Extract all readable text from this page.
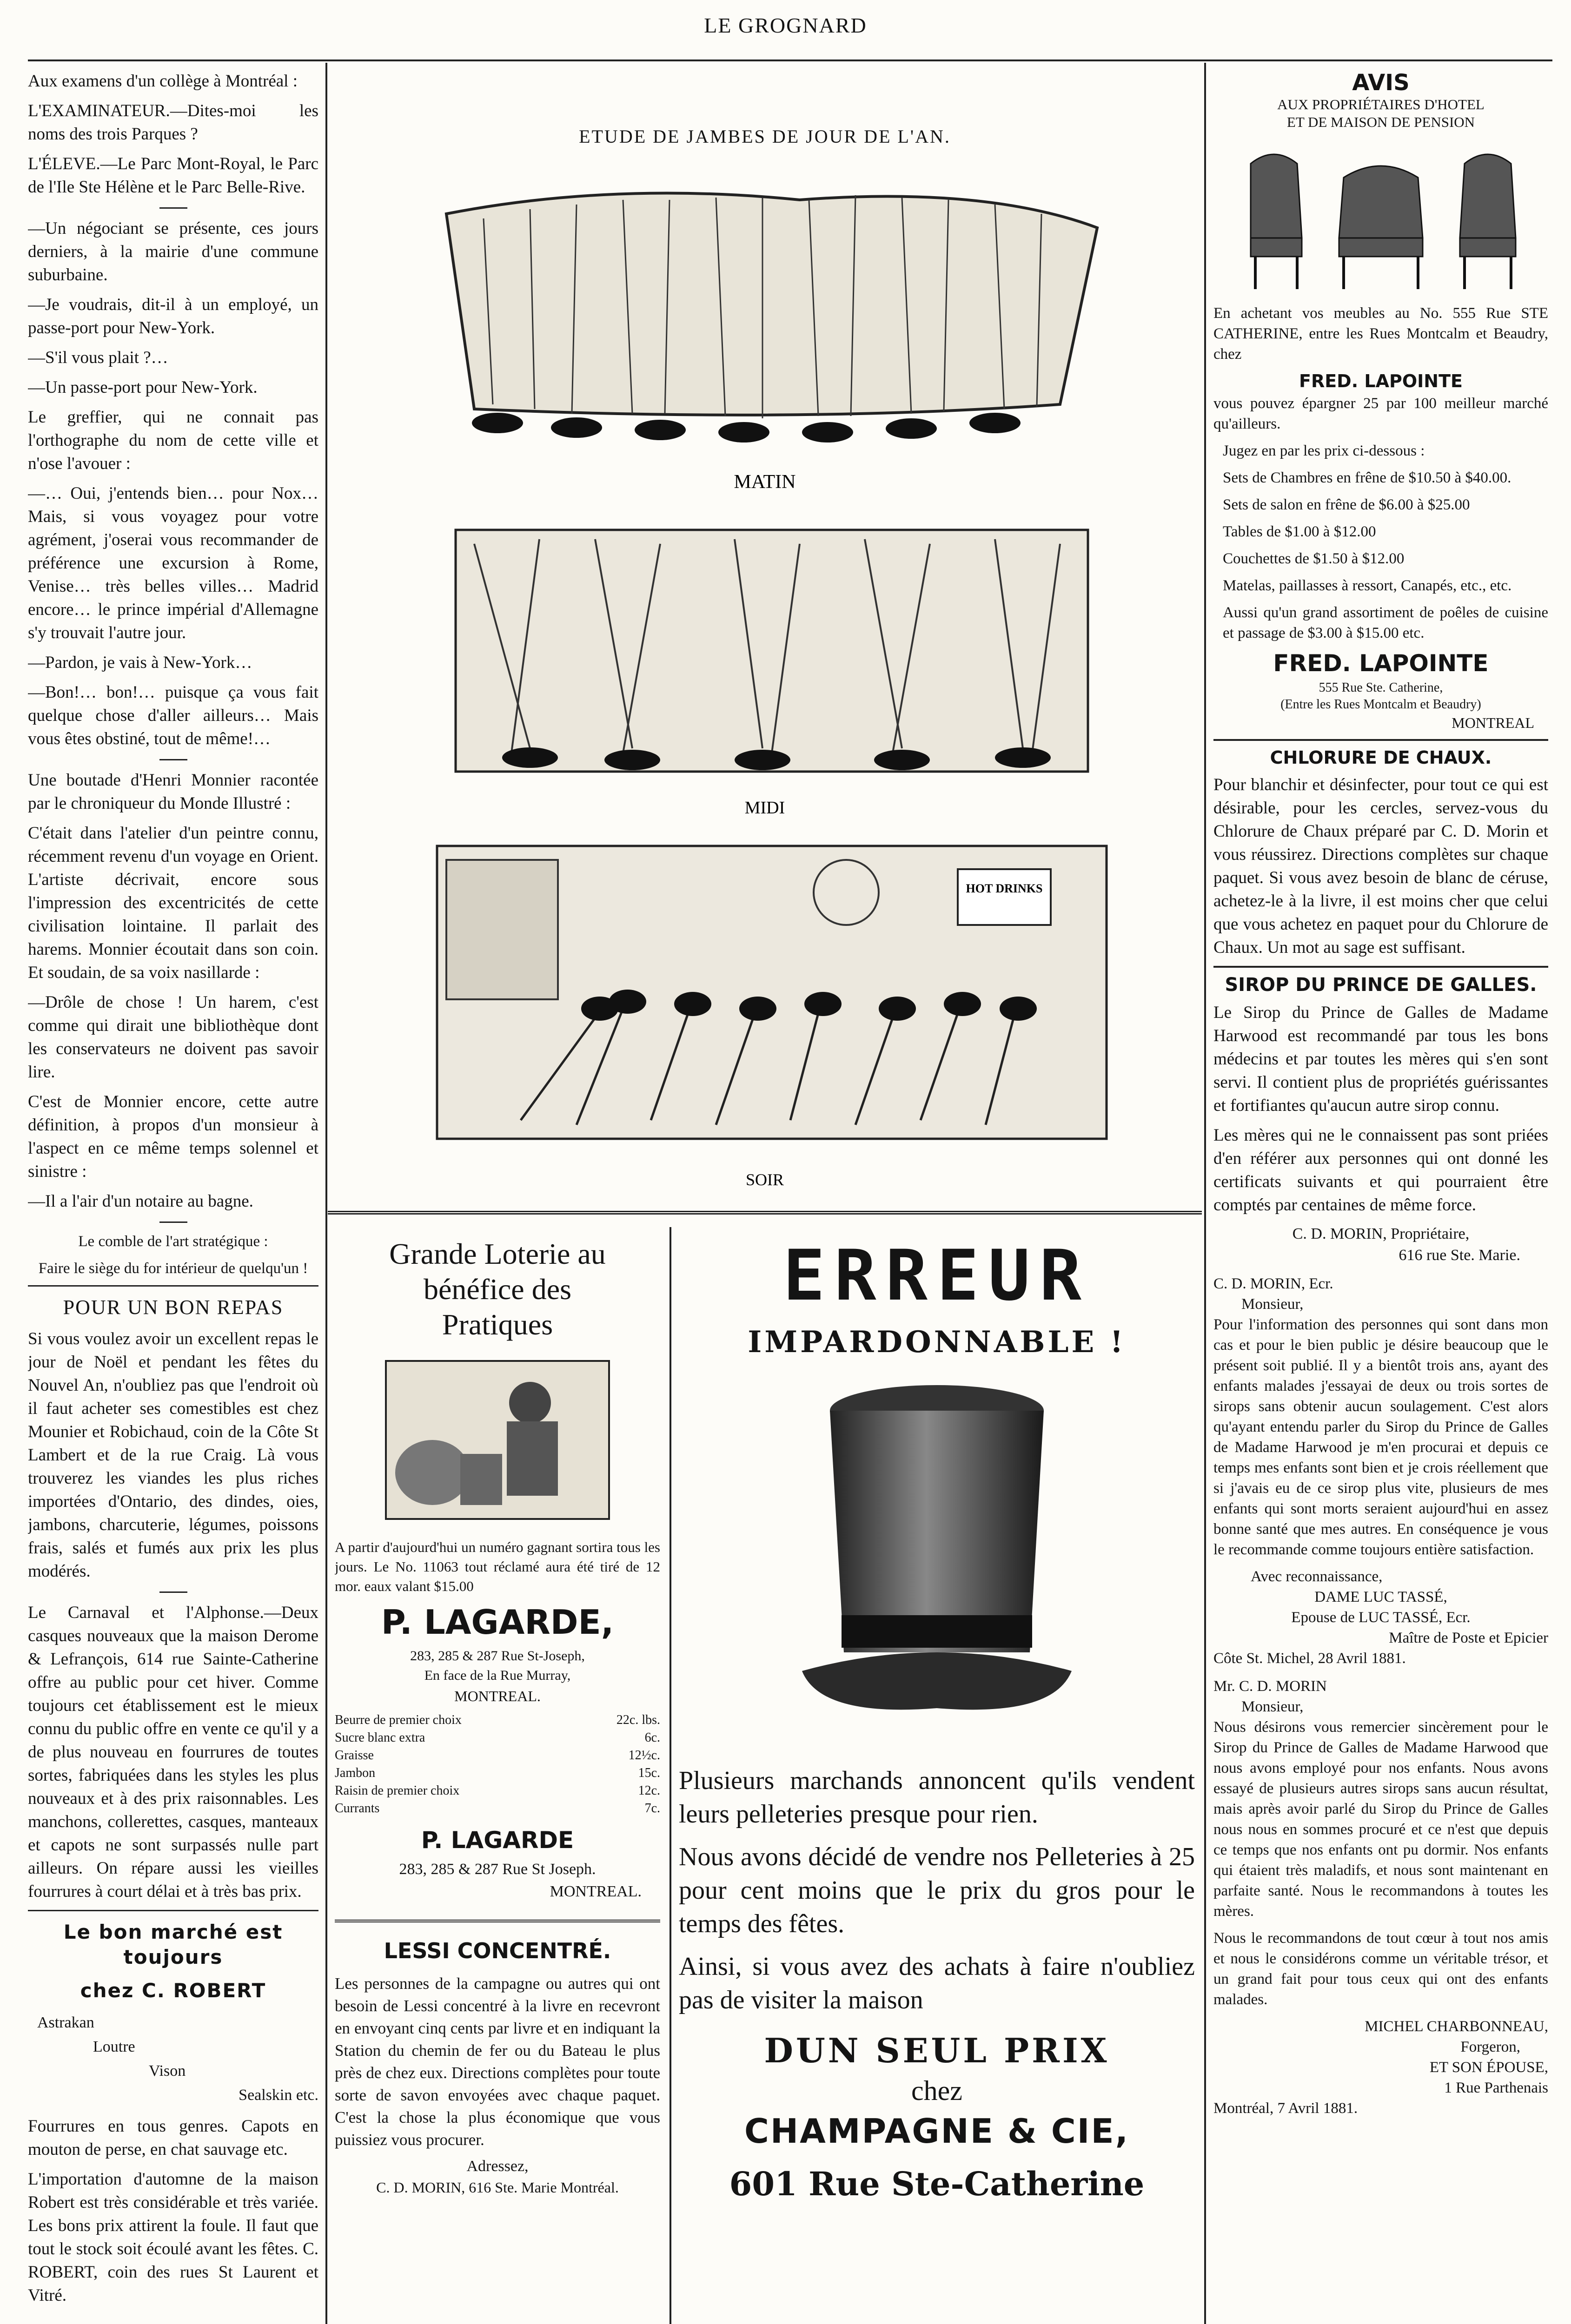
LE GROGNARD

Aux examens d'un collège à Montréal :

L'EXAMINATEUR.—Dites-moi les noms des trois Parques ?

L'ÉLEVE.—Le Parc Mont-Royal, le Parc de l'Ile Ste Hélène et le Parc Belle-Rive.

—Un négociant se présente, ces jours derniers, à la mairie d'une commune suburbaine.

—Je voudrais, dit-il à un employé, un passe-port pour New-York.

—S'il vous plait ?…

—Un passe-port pour New-York.

Le greffier, qui ne connait pas l'orthographe du nom de cette ville et n'ose l'avouer :

—… Oui, j'entends bien… pour Nox… Mais, si vous voyagez pour votre agrément, j'oserai vous recommander de préférence une excursion à Rome, Venise… très belles villes… Madrid encore… le prince impérial d'Allemagne s'y trouvait l'autre jour.

—Pardon, je vais à New-York…

—Bon!… bon!… puisque ça vous fait quelque chose d'aller ailleurs… Mais vous êtes obstiné, tout de même!…

Une boutade d'Henri Monnier racontée par le chroniqueur du Monde Illustré :

C'était dans l'atelier d'un peintre connu, récemment revenu d'un voyage en Orient. L'artiste décrivait, encore sous l'impression des excentricités de cette civilisation lointaine. Il parlait des harems. Monnier écoutait dans son coin. Et soudain, de sa voix nasillarde :

—Drôle de chose ! Un harem, c'est comme qui dirait une bibliothèque dont les conservateurs ne doivent pas savoir lire.

C'est de Monnier encore, cette autre définition, à propos d'un monsieur à l'aspect en ce même temps solennel et sinistre :

—Il a l'air d'un notaire au bagne.

Le comble de l'art stratégique :

Faire le siège du for intérieur de quelqu'un !

POUR UN BON REPAS

Si vous voulez avoir un excellent repas le jour de Noël et pendant les fêtes du Nouvel An, n'oubliez pas que l'endroit où il faut acheter ses comestibles est chez Mounier et Robichaud, coin de la Côte St Lambert et de la rue Craig. Là vous trouverez les viandes les plus riches importées d'Ontario, des dindes, oies, jambons, charcuterie, légumes, poissons frais, salés et fumés aux prix les plus modérés.

Le Carnaval et l'Alphonse.—Deux casques nouveaux que la maison Derome & Lefrançois, 614 rue Sainte-Catherine offre au public pour cet hiver. Comme toujours cet établissement est le mieux connu du public offre en vente ce qu'il y a de plus nouveau en fourrures de toutes sortes, fabriquées dans les styles les plus nouveaux et à des prix raisonnables. Les manchons, collerettes, casques, manteaux et capots ne sont surpassés nulle part ailleurs. On répare aussi les vieilles fourrures à court délai et à très bas prix.

Le bon marché est toujours
chez C. ROBERT
Astrakan
Loutre
Vison
Sealskin etc.

Fourrures en tous genres. Capots en mouton de perse, en chat sauvage etc.

L'importation d'automne de la maison Robert est très considérable et très variée. Les bons prix attirent la foule. Il faut que tout le stock soit écoulé avant les fêtes. C. ROBERT, coin des rues St Laurent et Vitré.

ETUDE DE JAMBES DE JOUR DE L'AN.
MATIN
MIDI
HOT DRINKS
SOIR
Grande Loterie au
bénéfice des
Pratiques

A partir d'aujourd'hui un numéro gagnant sortira tous les jours. Le No. 11063 tout réclamé aura été tiré de 12 mor. eaux valant $15.00

P. LAGARDE,
283, 285 & 287 Rue St-Joseph,
En face de la Rue Murray,
MONTREAL.
Beurre de premier choix	22c. lbs.
Sucre blanc extra	6c.
Graisse	12½c.
Jambon	15c.
Raisin de premier choix	12c.
Currants	7c.
P. LAGARDE
283, 285 & 287 Rue St Joseph.
MONTREAL.
LESSI CONCENTRÉ.

Les personnes de la campagne ou autres qui ont besoin de Lessi concentré à la livre en recevront en envoyant cinq cents par livre et en indiquant la Station du chemin de fer ou du Bateau le plus près de chez eux. Directions complètes pour toute sorte de savon envoyées avec chaque paquet. C'est la chose la plus économique que vous puissiez vous procurer.

Adressez,
C. D. MORIN, 616 Ste. Marie Montréal.
ERREUR
IMPARDONNABLE !

Plusieurs marchands annoncent qu'ils vendent leurs pelleteries presque pour rien.

Nous avons décidé de vendre nos Pelleteries à 25 pour cent moins que le prix du gros pour le temps des fêtes.

Ainsi, si vous avez des achats à faire n'oubliez pas de visiter la maison

DUN SEUL PRIX
chez
CHAMPAGNE & CIE,
601 Rue Ste-Catherine
AVIS
AUX PROPRIÉTAIRES D'HOTEL
ET DE MAISON DE PENSION

En achetant vos meubles au No. 555 Rue STE CATHERINE, entre les Rues Montcalm et Beaudry, chez

FRED. LAPOINTE

vous pouvez épargner 25 par 100 meilleur marché qu'ailleurs.

Jugez en par les prix ci-dessous :

Sets de Chambres en frêne de $10.50 à $40.00.

Sets de salon en frêne de $6.00 à $25.00

Tables de $1.00 à $12.00

Couchettes de $1.50 à $12.00

Matelas, paillasses à ressort, Canapés, etc., etc.

Aussi qu'un grand assortiment de poêles de cuisine et passage de $3.00 à $15.00 etc.

FRED. LAPOINTE
555 Rue Ste. Catherine,
(Entre les Rues Montcalm et Beaudry)
MONTREAL
CHLORURE DE CHAUX.

Pour blanchir et désinfecter, pour tout ce qui est désirable, pour les cercles, servez-vous du Chlorure de Chaux préparé par C. D. Morin et vous réussirez. Directions complètes sur chaque paquet. Si vous avez besoin de blanc de céruse, achetez-le à la livre, il est moins cher que celui que vous achetez en paquet pour du Chlorure de Chaux. Un mot au sage est suffisant.

SIROP DU PRINCE DE GALLES.

Le Sirop du Prince de Galles de Madame Harwood est recommandé par tous les bons médecins et par toutes les mères qui s'en sont servi. Il contient plus de propriétés guérissantes et fortifiantes qu'aucun autre sirop connu.

Les mères qui ne le connaissent pas sont priées d'en référer aux personnes qui ont donné les certificats suivants et qui pourraient être comptés par centaines de même force.

C. D. MORIN, Propriétaire,
616 rue Ste. Marie.

C. D. MORIN, Ecr.

Monsieur,

Pour l'information des personnes qui sont dans mon cas et pour le bien public je désire beaucoup que le présent soit publié. Il y a bientôt trois ans, ayant des enfants malades j'essayai de deux ou trois sortes de sirops sans obtenir aucun soulagement. C'est alors qu'ayant entendu parler du Sirop du Prince de Galles de Madame Harwood je m'en procurai et depuis ce temps mes enfants sont bien et je crois réellement que si j'avais eu de ce sirop plus vite, plusieurs de mes enfants qui sont morts seraient aujourd'hui en assez bonne santé que mes autres. En conséquence je vous le recommande comme toujours entière satisfaction.

Avec reconnaissance,

DAME LUC TASSÉ,

Epouse de LUC TASSÉ, Ecr.

Maître de Poste et Epicier

Côte St. Michel, 28 Avril 1881.

Mr. C. D. MORIN

Monsieur,

Nous désirons vous remercier sincèrement pour le Sirop du Prince de Galles de Madame Harwood que nous avons employé pour nos enfants. Nous avons essayé de plusieurs autres sirops sans aucun résultat, mais après avoir parlé du Sirop du Prince de Galles nous nous en sommes procuré et ce n'est que depuis ce temps que nos enfants ont pu dormir. Nos enfants qui étaient très maladifs, et nous sont maintenant en parfaite santé. Nous le recommandons à toutes les mères.

Nous le recommandons de tout cœur à tout nos amis et nous le considérons comme un véritable trésor, et un grand fait pour tous ceux qui ont des enfants malades.

MICHEL CHARBONNEAU,

Forgeron,

ET SON ÉPOUSE,

1 Rue Parthenais

Montréal, 7 Avril 1881.
